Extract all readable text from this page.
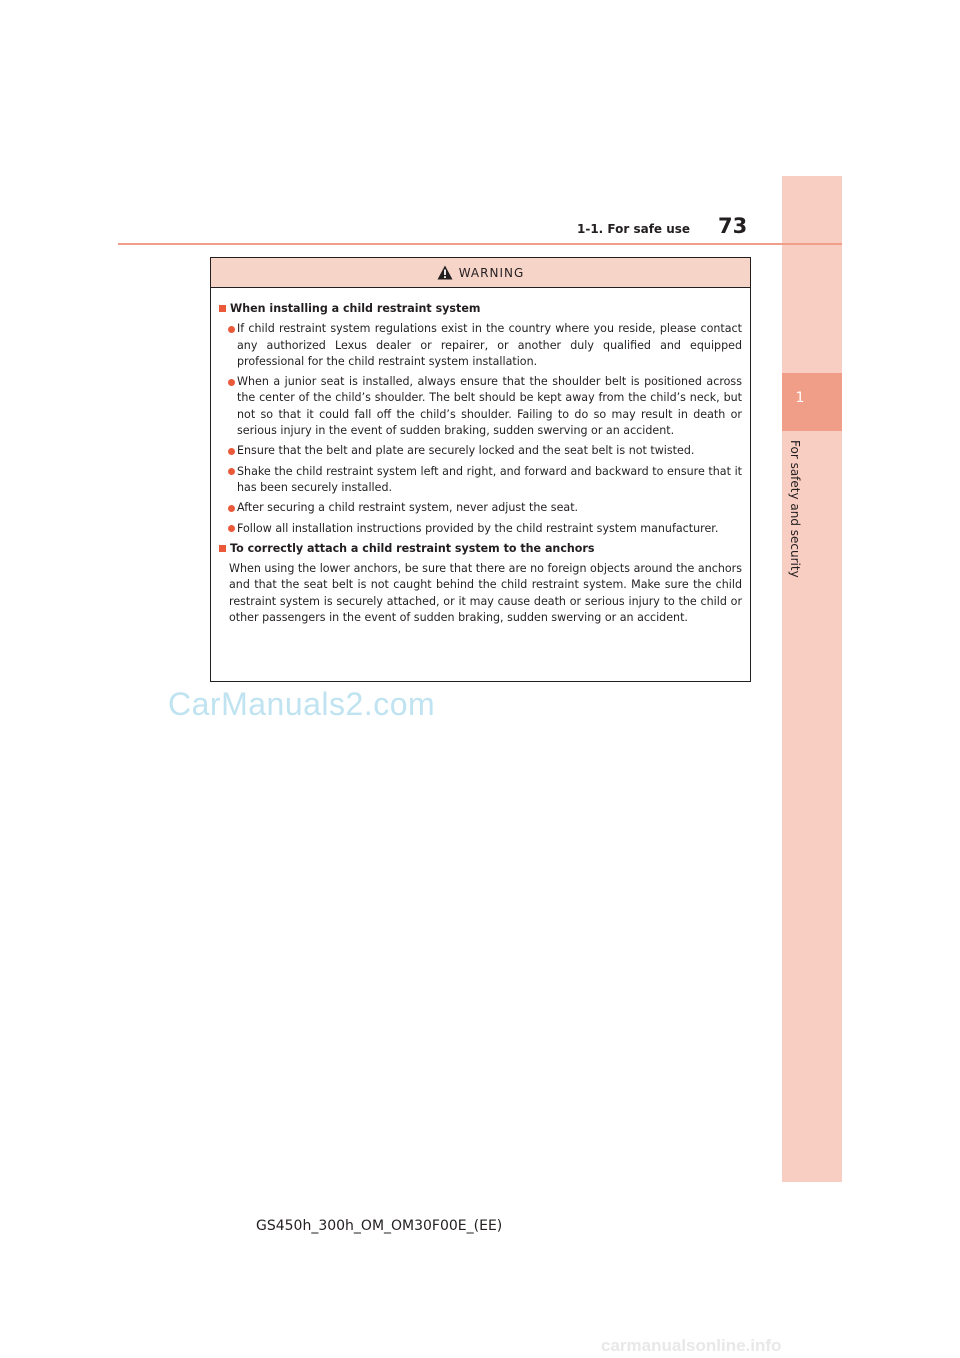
1
For safety and security
1-1. For safe use 73
WARNING
When installing a child restraint system
If child restraint system regulations exist in the country where you reside, please contact any authorized Lexus dealer or repairer, or another duly qualified and equipped professional for the child restraint system installation.
When a junior seat is installed, always ensure that the shoulder belt is positioned across the center of the child’s shoulder. The belt should be kept away from the child’s neck, but not so that it could fall off the child’s shoulder. Failing to do so may result in death or serious injury in the event of sudden braking, sudden swerving or an accident.
Ensure that the belt and plate are securely locked and the seat belt is not twisted.
Shake the child restraint system left and right, and forward and backward to ensure that it has been securely installed.
After securing a child restraint system, never adjust the seat.
Follow all installation instructions provided by the child restraint system manufacturer.
To correctly attach a child restraint system to the anchors
When using the lower anchors, be sure that there are no foreign objects around the anchors and that the seat belt is not caught behind the child restraint system. Make sure the child restraint system is securely attached, or it may cause death or serious injury to the child or other passengers in the event of sudden braking, sudden swerving or an accident.
CarManuals2.com
GS450h_300h_OM_OM30F00E_(EE)
carmanualsonline.info
